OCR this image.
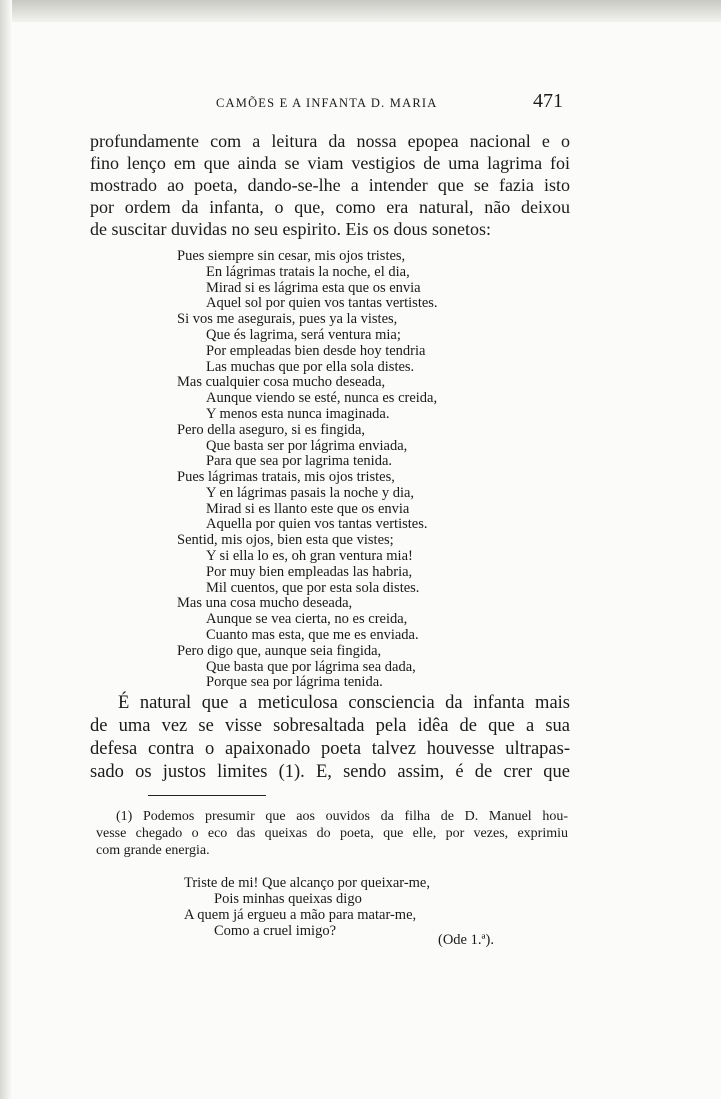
CAMÕES E A INFANTA D. MARIA	471

profundamente com a leitura da nossa epopea nacional e o
fino lenço em que ainda se viam vestigios de uma lagrima foi
mostrado ao poeta, dando-se-lhe a intender que se fazia isto
por ordem da infanta, o que, como era natural, não deixou
de suscitar duvidas no seu espirito. Eis os dous sonetos:

Pues siempre sin cesar, mis ojos tristes,
En lágrimas tratais la noche, el dia,
Mirad si es lágrima esta que os envia
Aquel sol por quien vos tantas vertistes.
Si vos me asegurais, pues ya la vistes,
Que és lagrima, será ventura mia;
Por empleadas bien desde hoy tendria
Las muchas que por ella sola distes.
Mas cualquier cosa mucho deseada,
Aunque viendo se esté, nunca es creida,
Y menos esta nunca imaginada.
Pero della aseguro, si es fingida,
Que basta ser por lágrima enviada,
Para que sea por lagrima tenida.
Pues lágrimas tratais, mis ojos tristes,
Y en lágrimas pasais la noche y dia,
Mirad si es llanto este que os envia
Aquella por quien vos tantas vertistes.
Sentid, mis ojos, bien esta que vistes;
Y si ella lo es, oh gran ventura mia!
Por muy bien empleadas las habria,
Mil cuentos, que por esta sola distes.
Mas una cosa mucho deseada,
Aunque se vea cierta, no es creida,
Cuanto mas esta, que me es enviada.
Pero digo que, aunque seia fingida,
Que basta que por lágrima sea dada,
Porque sea por lágrima tenida.

É natural que a meticulosa consciencia da infanta mais
de uma vez se visse sobresaltada pela idêa de que a sua
defesa contra o apaixonado poeta talvez houvesse ultrapas-
sado os justos limites (1). E, sendo assim, é de crer que

(1) Podemos presumir que aos ouvidos da filha de D. Manuel hou-
vesse chegado o eco das queixas do poeta, que elle, por vezes, exprimiu
com grande energia.
Triste de mi! Que alcanço por queixar-me,
Pois minhas queixas digo
A quem já ergueu a mão para matar-me,
Como a cruel imigo?
(Ode 1.ª).
